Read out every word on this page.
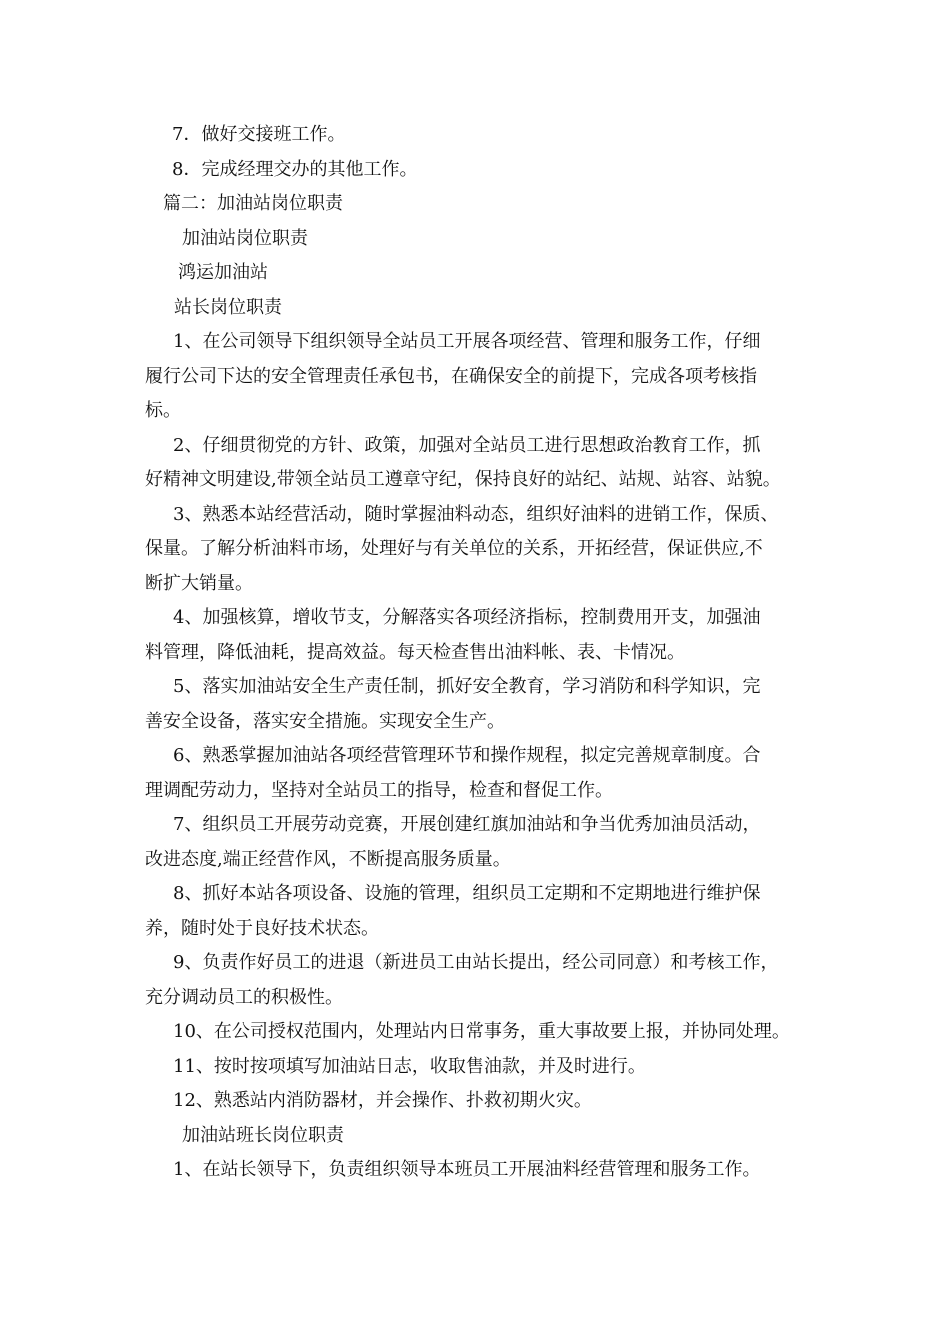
7．做好交接班工作。

8．完成经理交办的其他工作。

篇二：加油站岗位职责

加油站岗位职责

鸿运加油站

站长岗位职责

1、在公司领导下组织领导全站员工开展各项经营、管理和服务工作，仔细

履行公司下达的安全管理责任承包书，在确保安全的前提下，完成各项考核指

标。

2、仔细贯彻党的方针、政策，加强对全站员工进行思想政治教育工作，抓

好精神文明建设,带领全站员工遵章守纪，保持良好的站纪、站规、站容、站貌。

3、熟悉本站经营活动，随时掌握油料动态，组织好油料的进销工作，保质、

保量。了解分析油料市场，处理好与有关单位的关系，开拓经营，保证供应,不

断扩大销量。

4、加强核算，增收节支，分解落实各项经济指标，控制费用开支，加强油

料管理，降低油耗，提高效益。每天检查售出油料帐、表、卡情况。

5、落实加油站安全生产责任制，抓好安全教育，学习消防和科学知识，完

善安全设备，落实安全措施。实现安全生产。

6、熟悉掌握加油站各项经营管理环节和操作规程，拟定完善规章制度。合

理调配劳动力，坚持对全站员工的指导，检查和督促工作。

7、组织员工开展劳动竞赛，开展创建红旗加油站和争当优秀加油员活动，

改进态度,端正经营作风，不断提高服务质量。

8、抓好本站各项设备、设施的管理，组织员工定期和不定期地进行维护保

养，随时处于良好技术状态。

9、负责作好员工的进退（新进员工由站长提出，经公司同意）和考核工作，

充分调动员工的积极性。

10、在公司授权范围内，处理站内日常事务，重大事故要上报，并协同处理。

11、按时按项填写加油站日志，收取售油款，并及时进行。

12、熟悉站内消防器材，并会操作、扑救初期火灾。

加油站班长岗位职责

1、在站长领导下，负责组织领导本班员工开展油料经营管理和服务工作。
